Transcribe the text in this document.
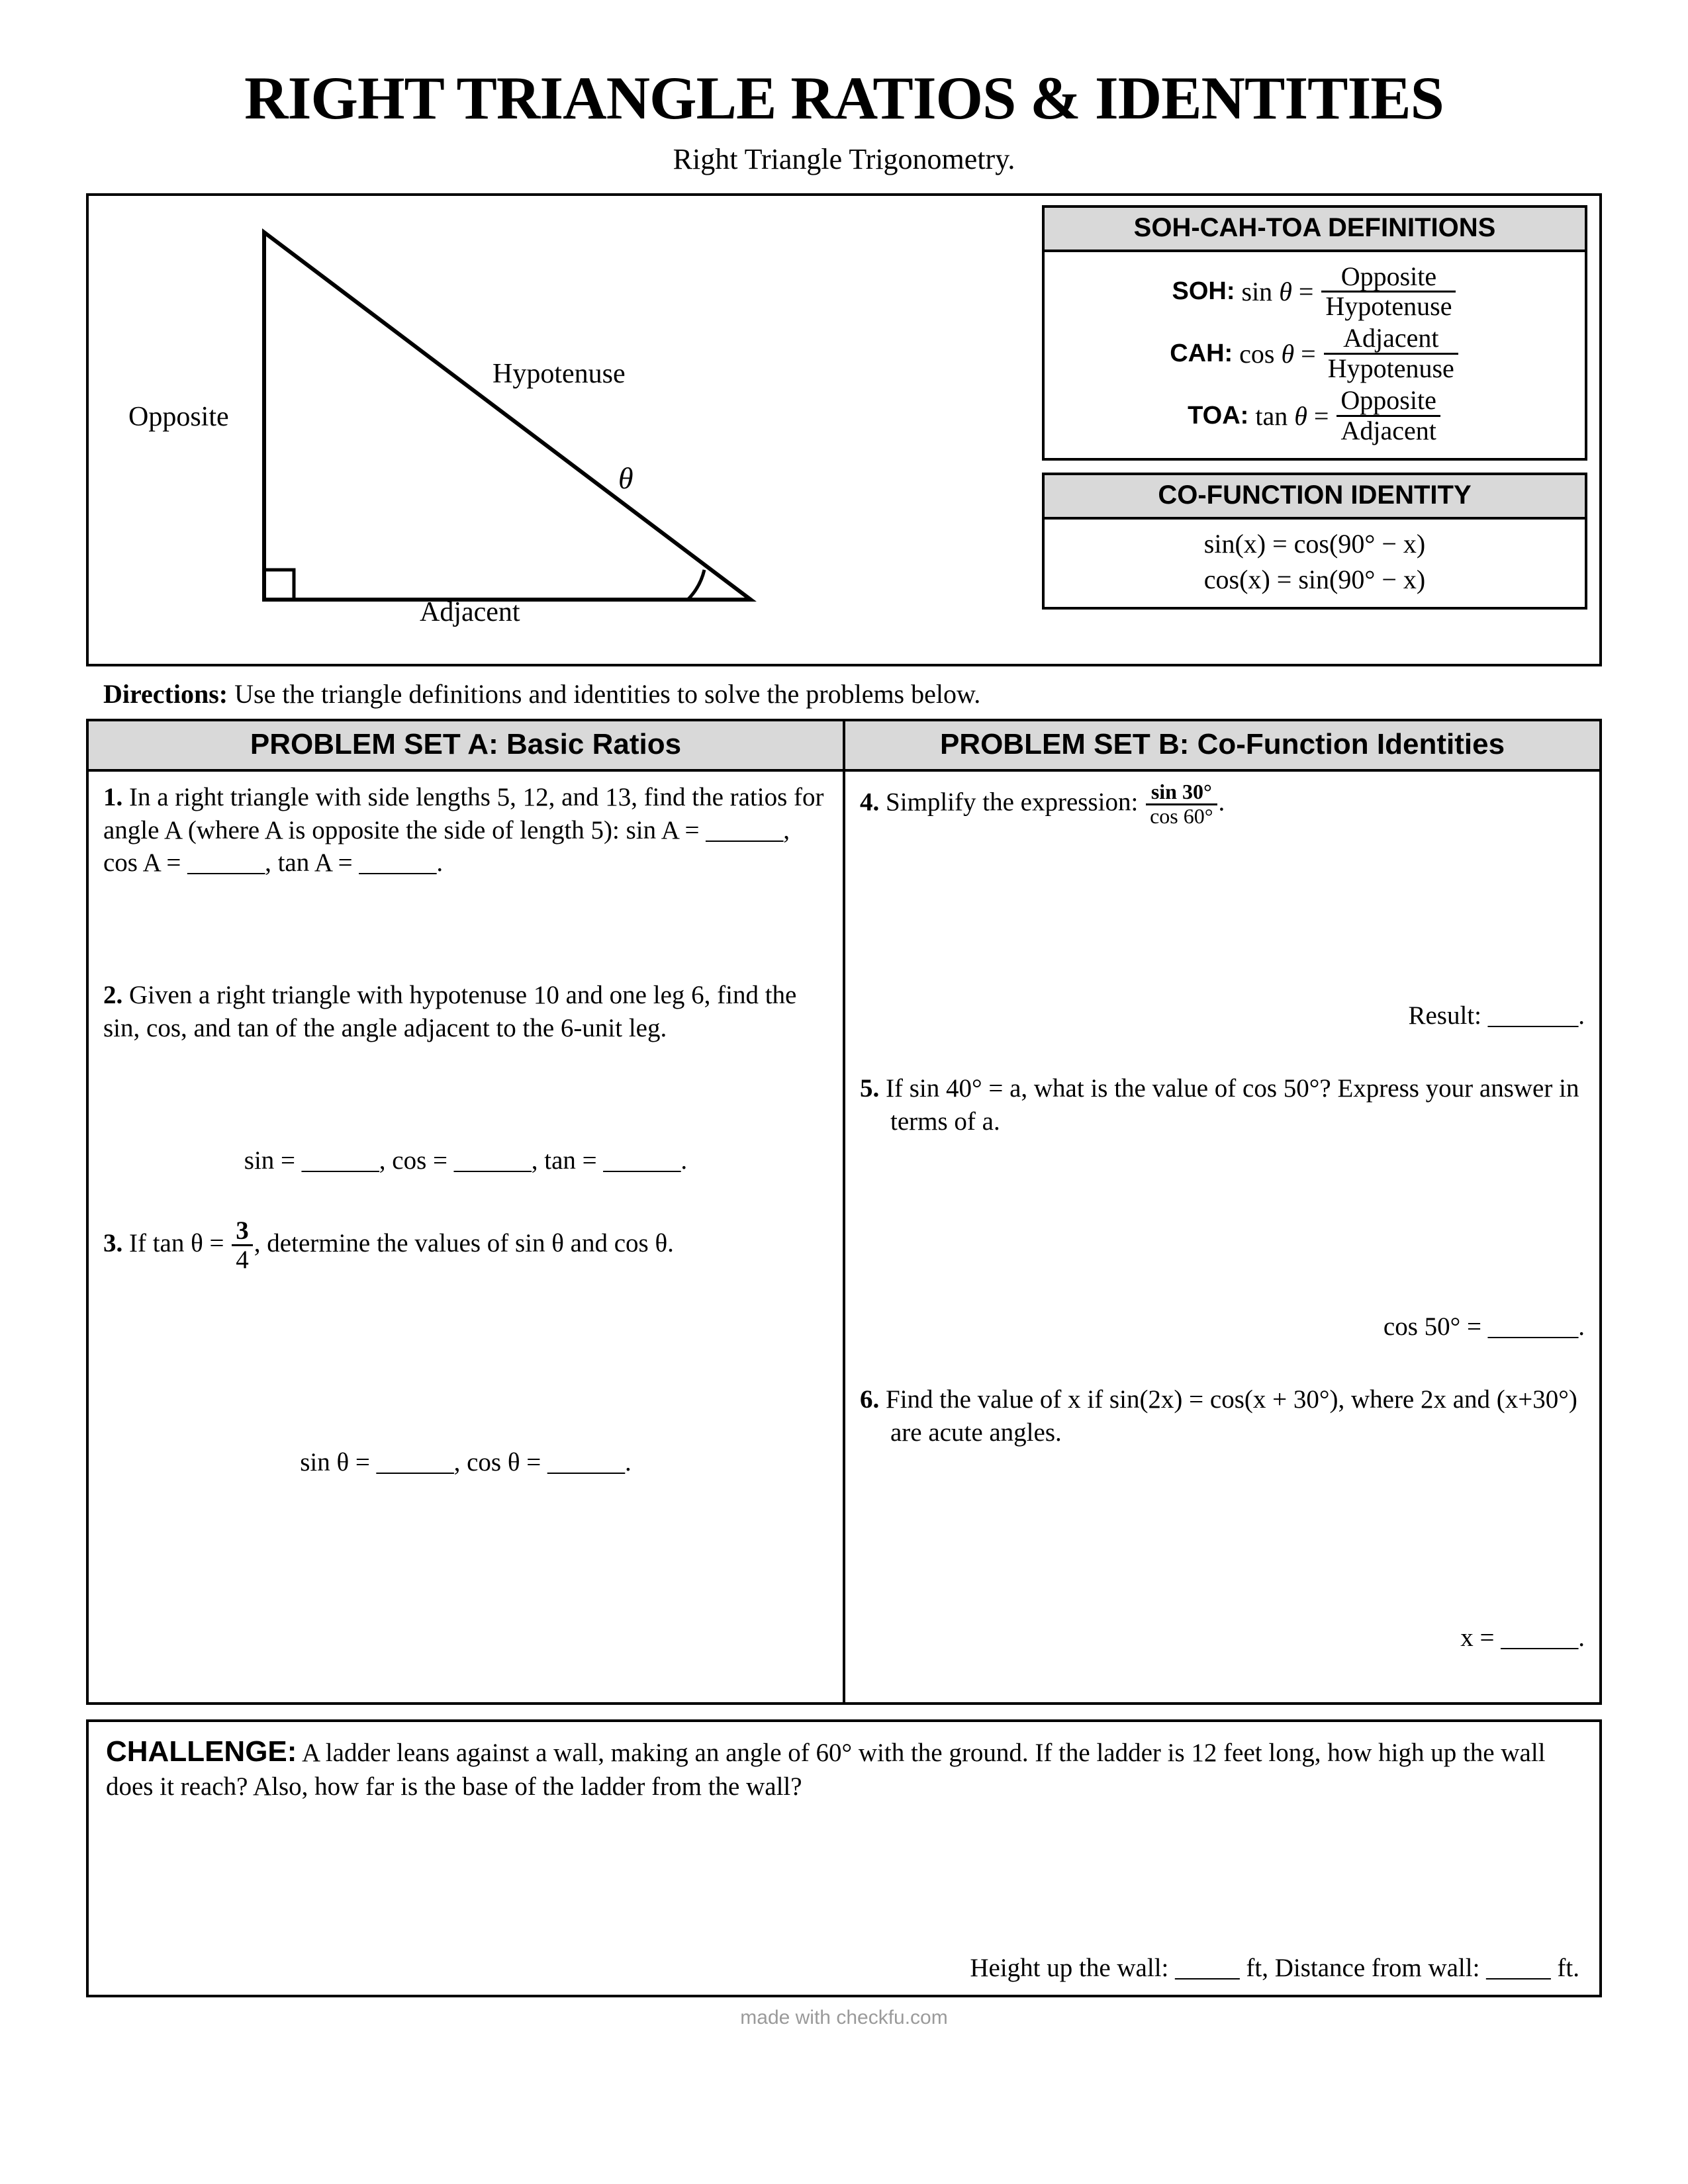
RIGHT TRIANGLE RATIOS & IDENTITIES
Right Triangle Trigonometry.
Hypotenuse
Opposite
Adjacent
θ
SOH-CAH-TOA DEFINITIONS
SOH: $\sin \theta = \frac{\text{Opposite}}{\text{Hypotenuse}}$
CAH: $\cos \theta = \frac{\text{Adjacent}}{\text{Hypotenuse}}$
TOA: $\tan \theta = \frac{\text{Opposite}}{\text{Adjacent}}$
CO-FUNCTION IDENTITY
sin(x) = cos(90° − x)
cos(x) = sin(90° − x)
Directions: Use the triangle definitions and identities to solve the problems below.
PROBLEM SET A: Basic Ratios
1. In a right triangle with side lengths 5, 12, and 13, find the ratios for angle A (where A is opposite the side of length 5): sin A = ______, cos A = ______, tan A = ______.
2. Given a right triangle with hypotenuse 10 and one leg 6, find the sin, cos, and tan of the angle adjacent to the 6-unit leg.
sin = ______, cos = ______, tan = ______.
3. If $\tan \theta = \frac{3}{4}$ , determine the values of sin θ and cos θ.
sin θ = ______, cos θ = ______.
PROBLEM SET B: Co-Function Identities
4. Simplify the expression: $\frac{\sin 30^\circ}{\cos 60^\circ}$ .
Result: _______.
5. If sin 40° = a, what is the value of cos 50°? Express your answer in terms of a.
cos 50° = _______.
6. Find the value of x if sin(2x) = cos(x + 30°), where 2x and (x+30°) are acute angles.
x = ______.
CHALLENGE: A ladder leans against a wall, making an angle of 60° with the ground. If the ladder is 12 feet long, how high up the wall does it reach? Also, how far is the base of the ladder from the wall?
Height up the wall: _____ ft, Distance from wall: _____ ft.
made with checkfu.com
